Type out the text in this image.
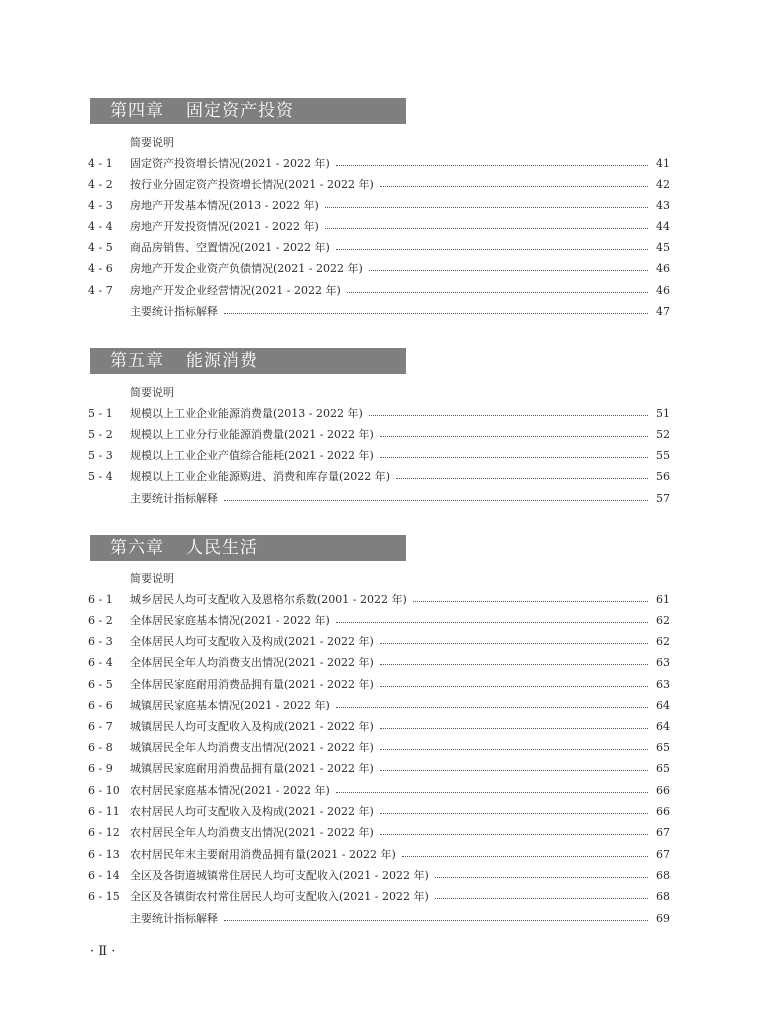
第四章 固定资产投资
简要说明
4 - 1	固定资产投资增长情况(2021 - 2022 年)	41
4 - 2	按行业分固定资产投资增长情况(2021 - 2022 年)	42
4 - 3	房地产开发基本情况(2013 - 2022 年)	43
4 - 4	房地产开发投资情况(2021 - 2022 年)	44
4 - 5	商品房销售、空置情况(2021 - 2022 年)	45
4 - 6	房地产开发企业资产负债情况(2021 - 2022 年)	46
4 - 7	房地产开发企业经营情况(2021 - 2022 年)	46
主要统计指标解释	47
第五章 能源消费
简要说明
5 - 1	规模以上工业企业能源消费量(2013 - 2022 年)	51
5 - 2	规模以上工业分行业能源消费量(2021 - 2022 年)	52
5 - 3	规模以上工业企业产值综合能耗(2021 - 2022 年)	55
5 - 4	规模以上工业企业能源购进、消费和库存量(2022 年)	56
主要统计指标解释	57
第六章 人民生活
简要说明
6 - 1	城乡居民人均可支配收入及恩格尔系数(2001 - 2022 年)	61
6 - 2	全体居民家庭基本情况(2021 - 2022 年)	62
6 - 3	全体居民人均可支配收入及构成(2021 - 2022 年)	62
6 - 4	全体居民全年人均消费支出情况(2021 - 2022 年)	63
6 - 5	全体居民家庭耐用消费品拥有量(2021 - 2022 年)	63
6 - 6	城镇居民家庭基本情况(2021 - 2022 年)	64
6 - 7	城镇居民人均可支配收入及构成(2021 - 2022 年)	64
6 - 8	城镇居民全年人均消费支出情况(2021 - 2022 年)	65
6 - 9	城镇居民家庭耐用消费品拥有量(2021 - 2022 年)	65
6 - 10 农村居民家庭基本情况(2021 - 2022 年)	66
6 - 11 农村居民人均可支配收入及构成(2021 - 2022 年)	66
6 - 12 农村居民全年人均消费支出情况(2021 - 2022 年)	67
6 - 13 农村居民年末主要耐用消费品拥有量(2021 - 2022 年)	67
6 - 14 全区及各街道城镇常住居民人均可支配收入(2021 - 2022 年)	68
6 - 15 全区及各镇街农村常住居民人均可支配收入(2021 - 2022 年)	68
主要统计指标解释	69
· Ⅱ ·
